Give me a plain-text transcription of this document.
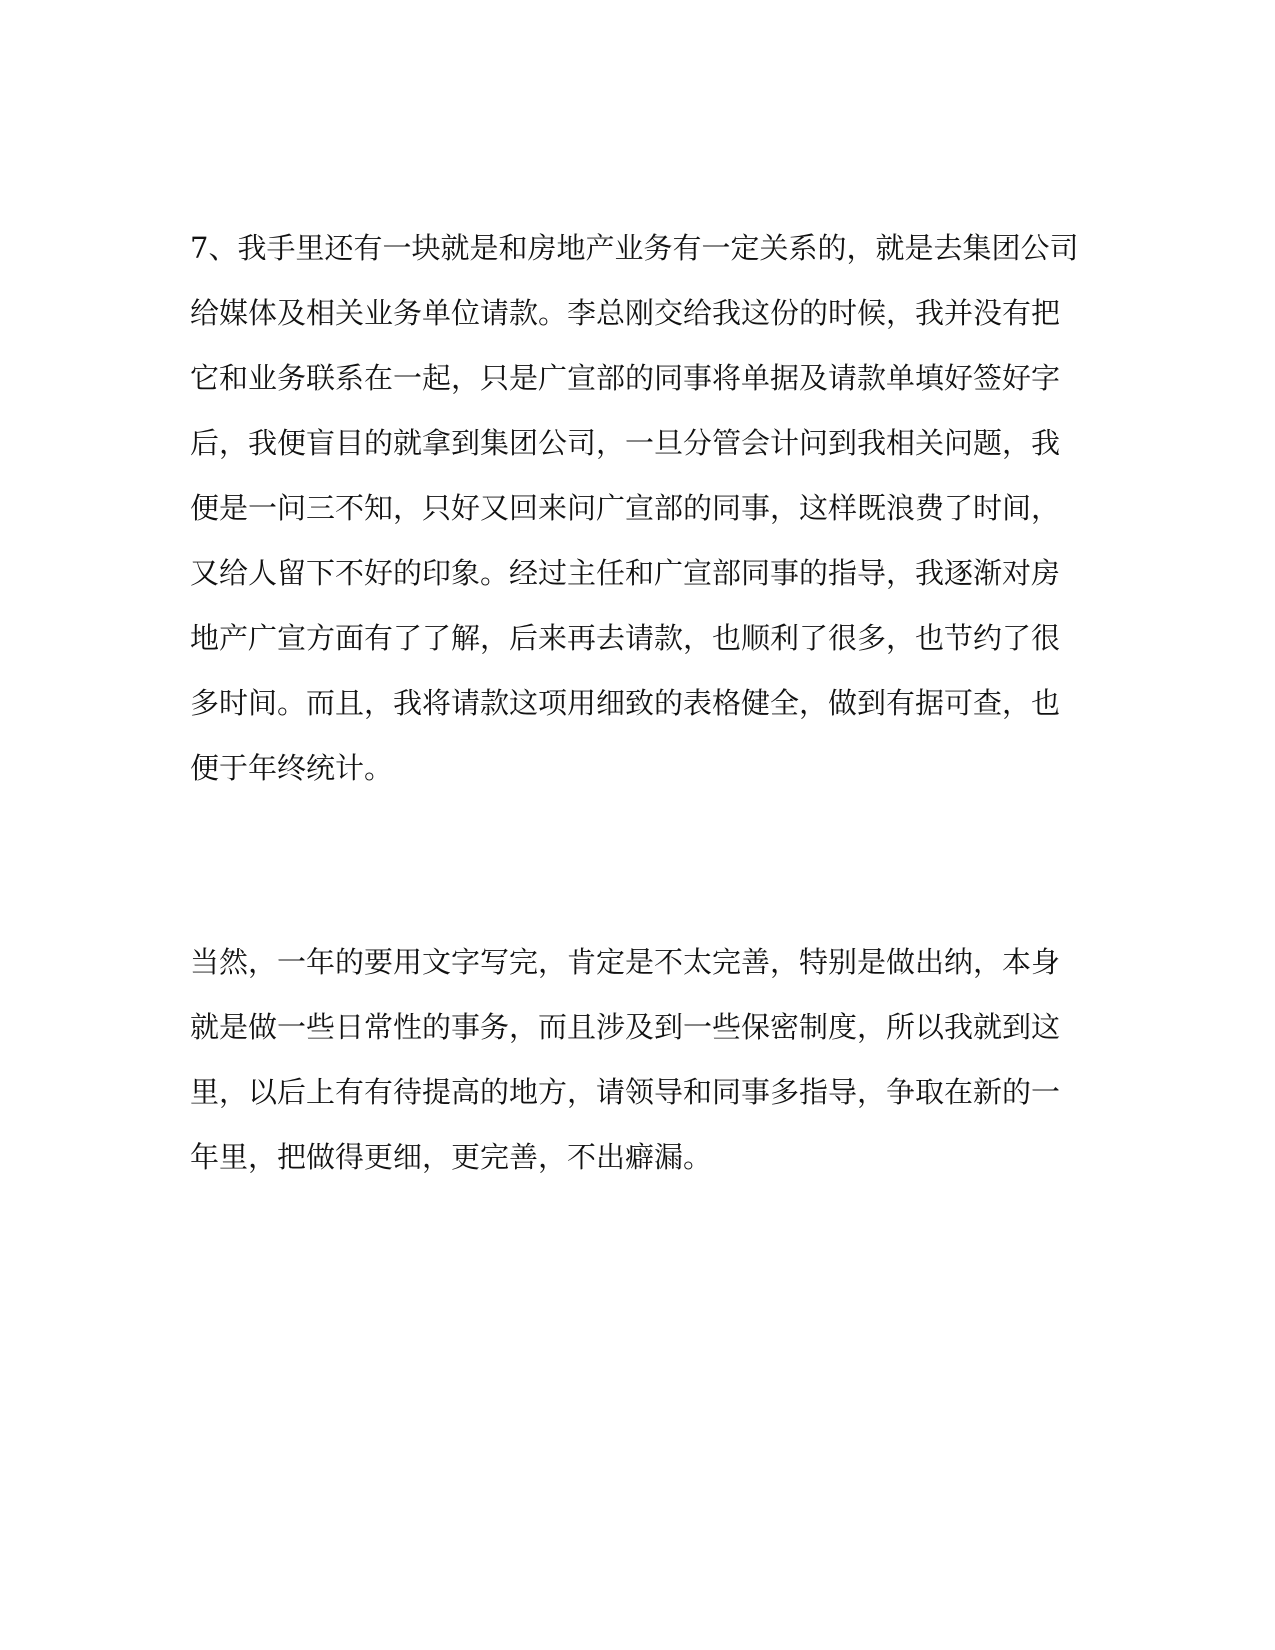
7、我手里还有一块就是和房地产业务有一定关系的，就是去集团公司
给媒体及相关业务单位请款。李总刚交给我这份的时候，我并没有把
它和业务联系在一起，只是广宣部的同事将单据及请款单填好签好字
后，我便盲目的就拿到集团公司，一旦分管会计问到我相关问题，我
便是一问三不知，只好又回来问广宣部的同事，这样既浪费了时间，
又给人留下不好的印象。经过主任和广宣部同事的指导，我逐渐对房
地产广宣方面有了了解，后来再去请款，也顺利了很多，也节约了很
多时间。而且，我将请款这项用细致的表格健全，做到有据可查，也
便于年终统计。

当然，一年的要用文字写完，肯定是不太完善，特别是做出纳，本身
就是做一些日常性的事务，而且涉及到一些保密制度，所以我就到这
里，以后上有有待提高的地方，请领导和同事多指导，争取在新的一
年里，把做得更细，更完善，不出癖漏。
